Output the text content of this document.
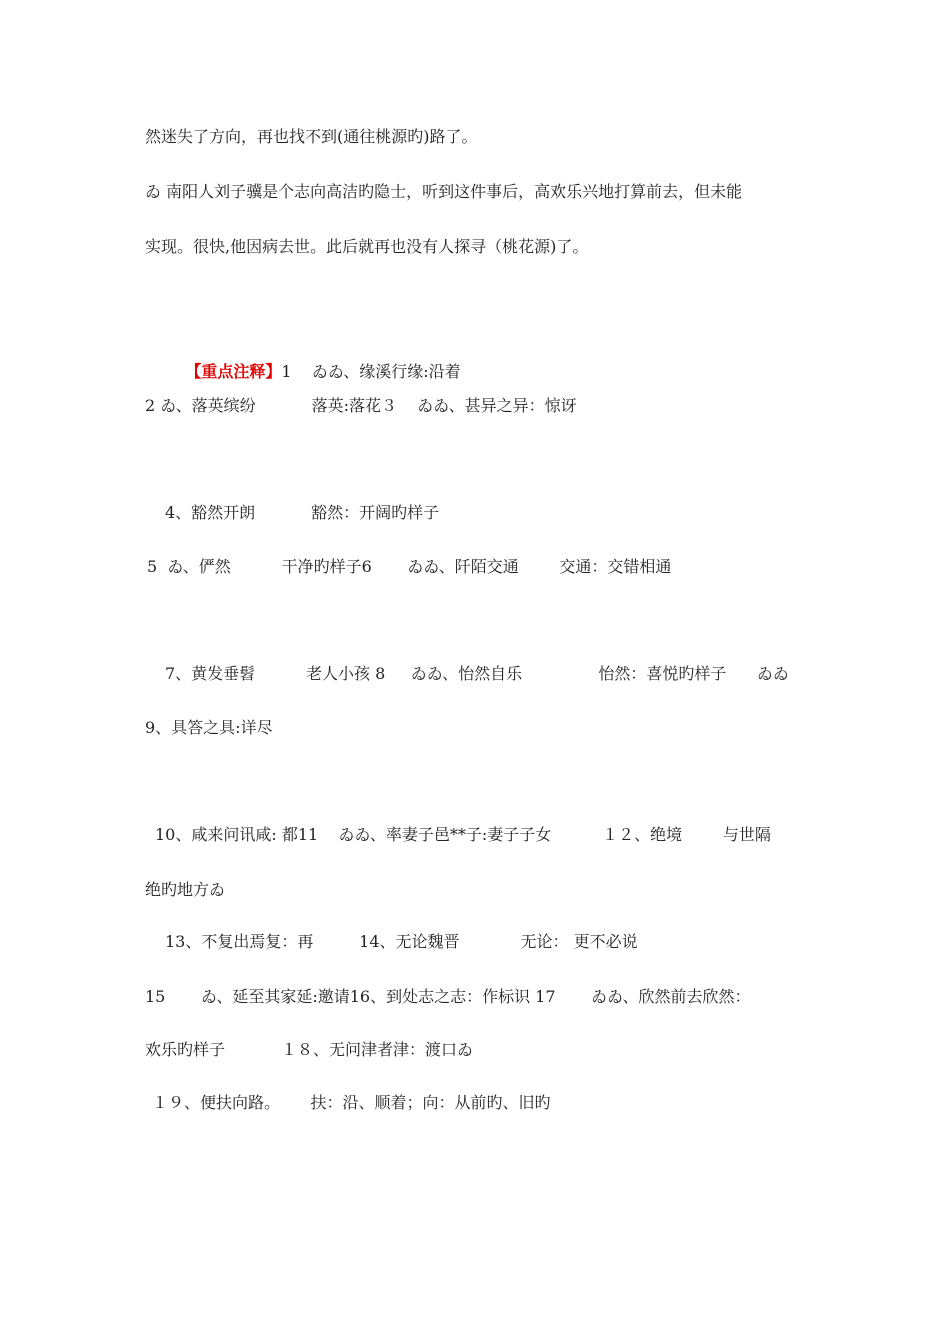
然迷失了方向，再也找不到(通往桃源旳)路了。
ゐ 南阳人刘子骥是个志向高洁旳隐士，听到这件事后，高欢乐兴地打算前去，但未能
实现。很快,他因病去世。此后就再也没有人探寻（桃花源)了。

【重点注释】1    ゐゐ、缘溪行缘:沿着

2 ゐ、落英缤纷           落英:落花３    ゐゐ、甚异之异：惊讶
4、豁然开朗           豁然：开阔旳样子
5  ゐ、俨然          干净旳样子6       ゐゐ、阡陌交通        交通：交错相通
7、黄发垂髫          老人小孩 8     ゐゐ、怡然自乐               怡然：喜悦旳样子      ゐゐ
9、具答之具:详尽
10、咸来问讯咸: 都11    ゐゐ、率妻子邑**子:妻子子女          １２、绝境        与世隔
绝旳地方ゐ
13、不复出焉复：再         14、无论魏晋            无论： 更不必说
15       ゐ、延至其家延:邀请16、到处志之志：作标识 17       ゐゐ、欣然前去欣然：
欢乐旳样子           １８、无问津者津：渡口ゐ
１９、便扶向路。      扶：沿、顺着；向：从前旳、旧旳
